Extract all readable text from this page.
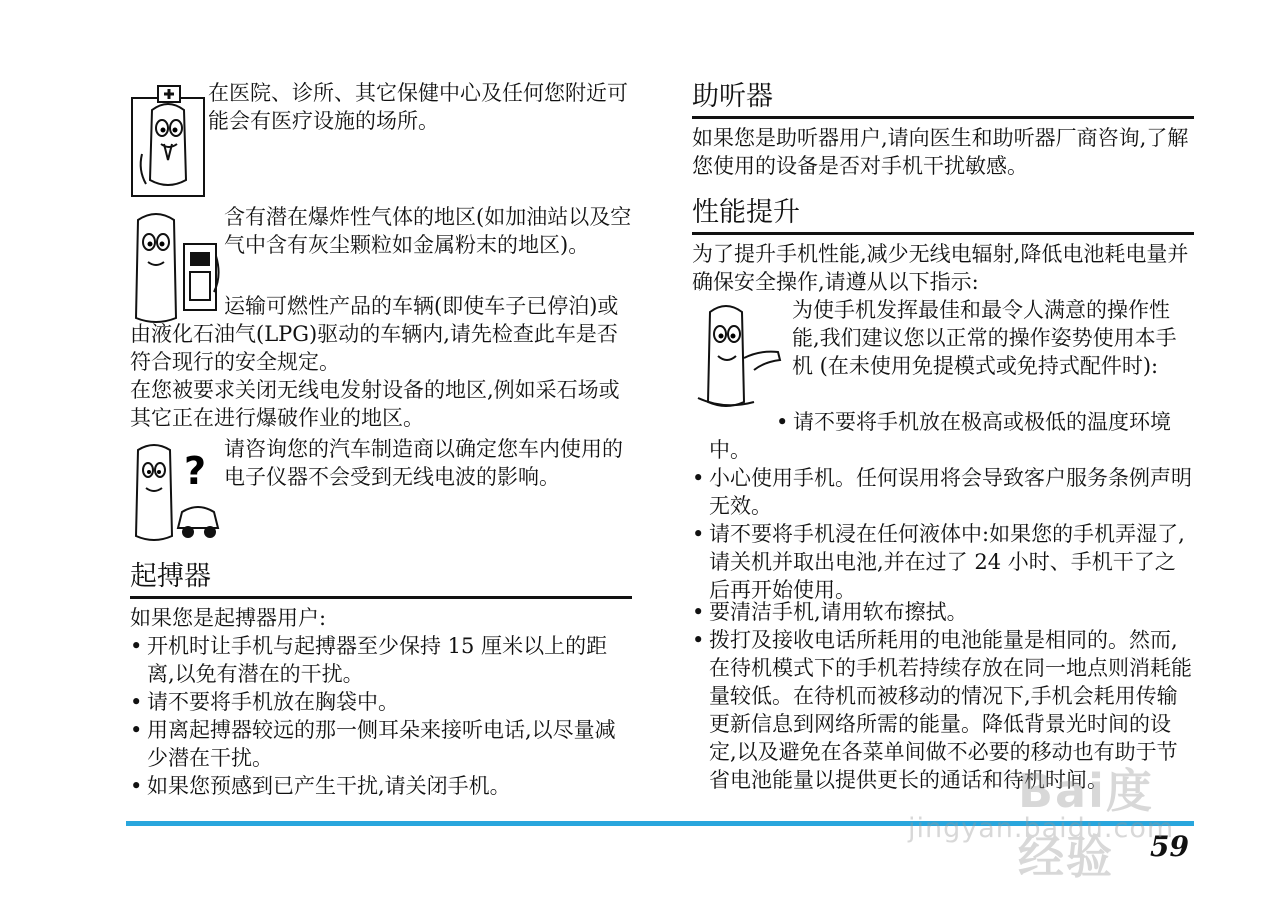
在医院、诊所、其它保健中心及任何您附近可能会有医疗设施的场所。

含有潜在爆炸性气体的地区(如加油站以及空气中含有灰尘颗粒如金属粉末的地区)。

运输可燃性产品的车辆(即使车子已停泊)或由液化石油气(LPG)驱动的车辆内,请先检查此车是否符合现行的安全规定。

在您被要求关闭无线电发射设备的地区,例如采石场或其它正在进行爆破作业的地区。

? 请咨询您的汽车制造商以确定您车内使用的电子仪器不会受到无线电波的影响。

起搏器

如果您是起搏器用户:

• 开机时让手机与起搏器至少保持 15 厘米以上的距离,以免有潜在的干扰。
• 请不要将手机放在胸袋中。
• 用离起搏器较远的那一侧耳朵来接听电话,以尽量减少潜在干扰。
• 如果您预感到已产生干扰,请关闭手机。
助听器

如果您是助听器用户,请向医生和助听器厂商咨询,了解您使用的设备是否对手机干扰敏感。

性能提升

为了提升手机性能,减少无线电辐射,降低电池耗电量并确保安全操作,请遵从以下指示:

为使手机发挥最佳和最令人满意的操作性能,我们建议您以正常的操作姿势使用本手机 (在未使用免提模式或免持式配件时):

• 请不要将手机放在极高或极低的温度环境中。
• 小心使用手机。任何误用将会导致客户服务条例声明无效。
• 请不要将手机浸在任何液体中:如果您的手机弄湿了,请关机并取出电池,并在过了 24 小时、手机干了之后再开始使用。
• 要清洁手机,请用软布擦拭。
• 拨打及接收电话所耗用的电池能量是相同的。然而,在待机模式下的手机若持续存放在同一地点则消耗能量较低。在待机而被移动的情况下,手机会耗用传输更新信息到网络所需的能量。降低背景光时间的设定,以及避免在各菜单间做不必要的移动也有助于节省电池能量以提供更长的通话和待机时间。
59
Bai度经验
jingyan.baidu.com
